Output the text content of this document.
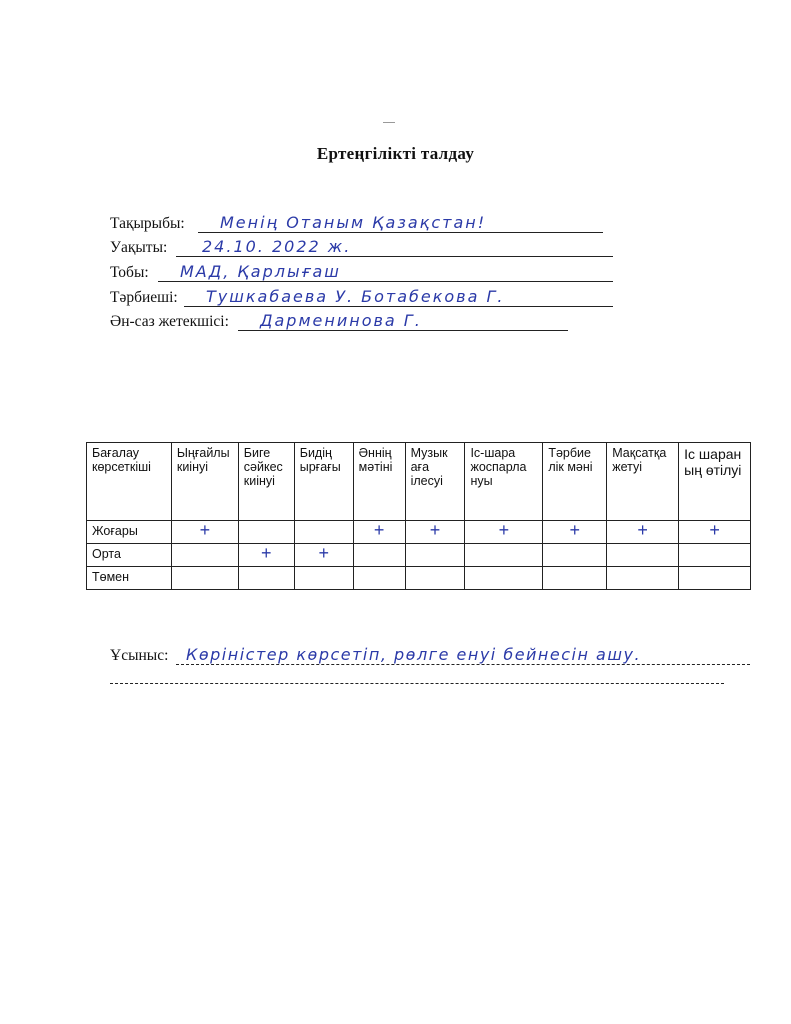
Ертеңгілікті талдау
Тақырыбы: Менің Отаным Қазақстан!
Уақыты: 24.10. 2022 ж.
Тобы: МАД, Қарлығаш
Тәрбиеші: Тушкабаева У. Ботабекова Г.
Ән-саз жетекшісі: Дарменинова Г.
Бағалау көрсеткіші	Ыңғайлы киінуі	Биге сәйкес киінуі	Бидің ырғағы	Әннің мәтіні	Музык аға ілесуі	Іс-шара жоспарла нуы	Тәрбие лік мәні	Мақсатқа жетуі	Іс шаран ың өтілуі
Жоғары	+			+	+	+	+	+	+
Орта		+	+						
Төмен									
Ұсыныс: Көріністер көрсетіп, рөлге енуі бейнесін ашу.
